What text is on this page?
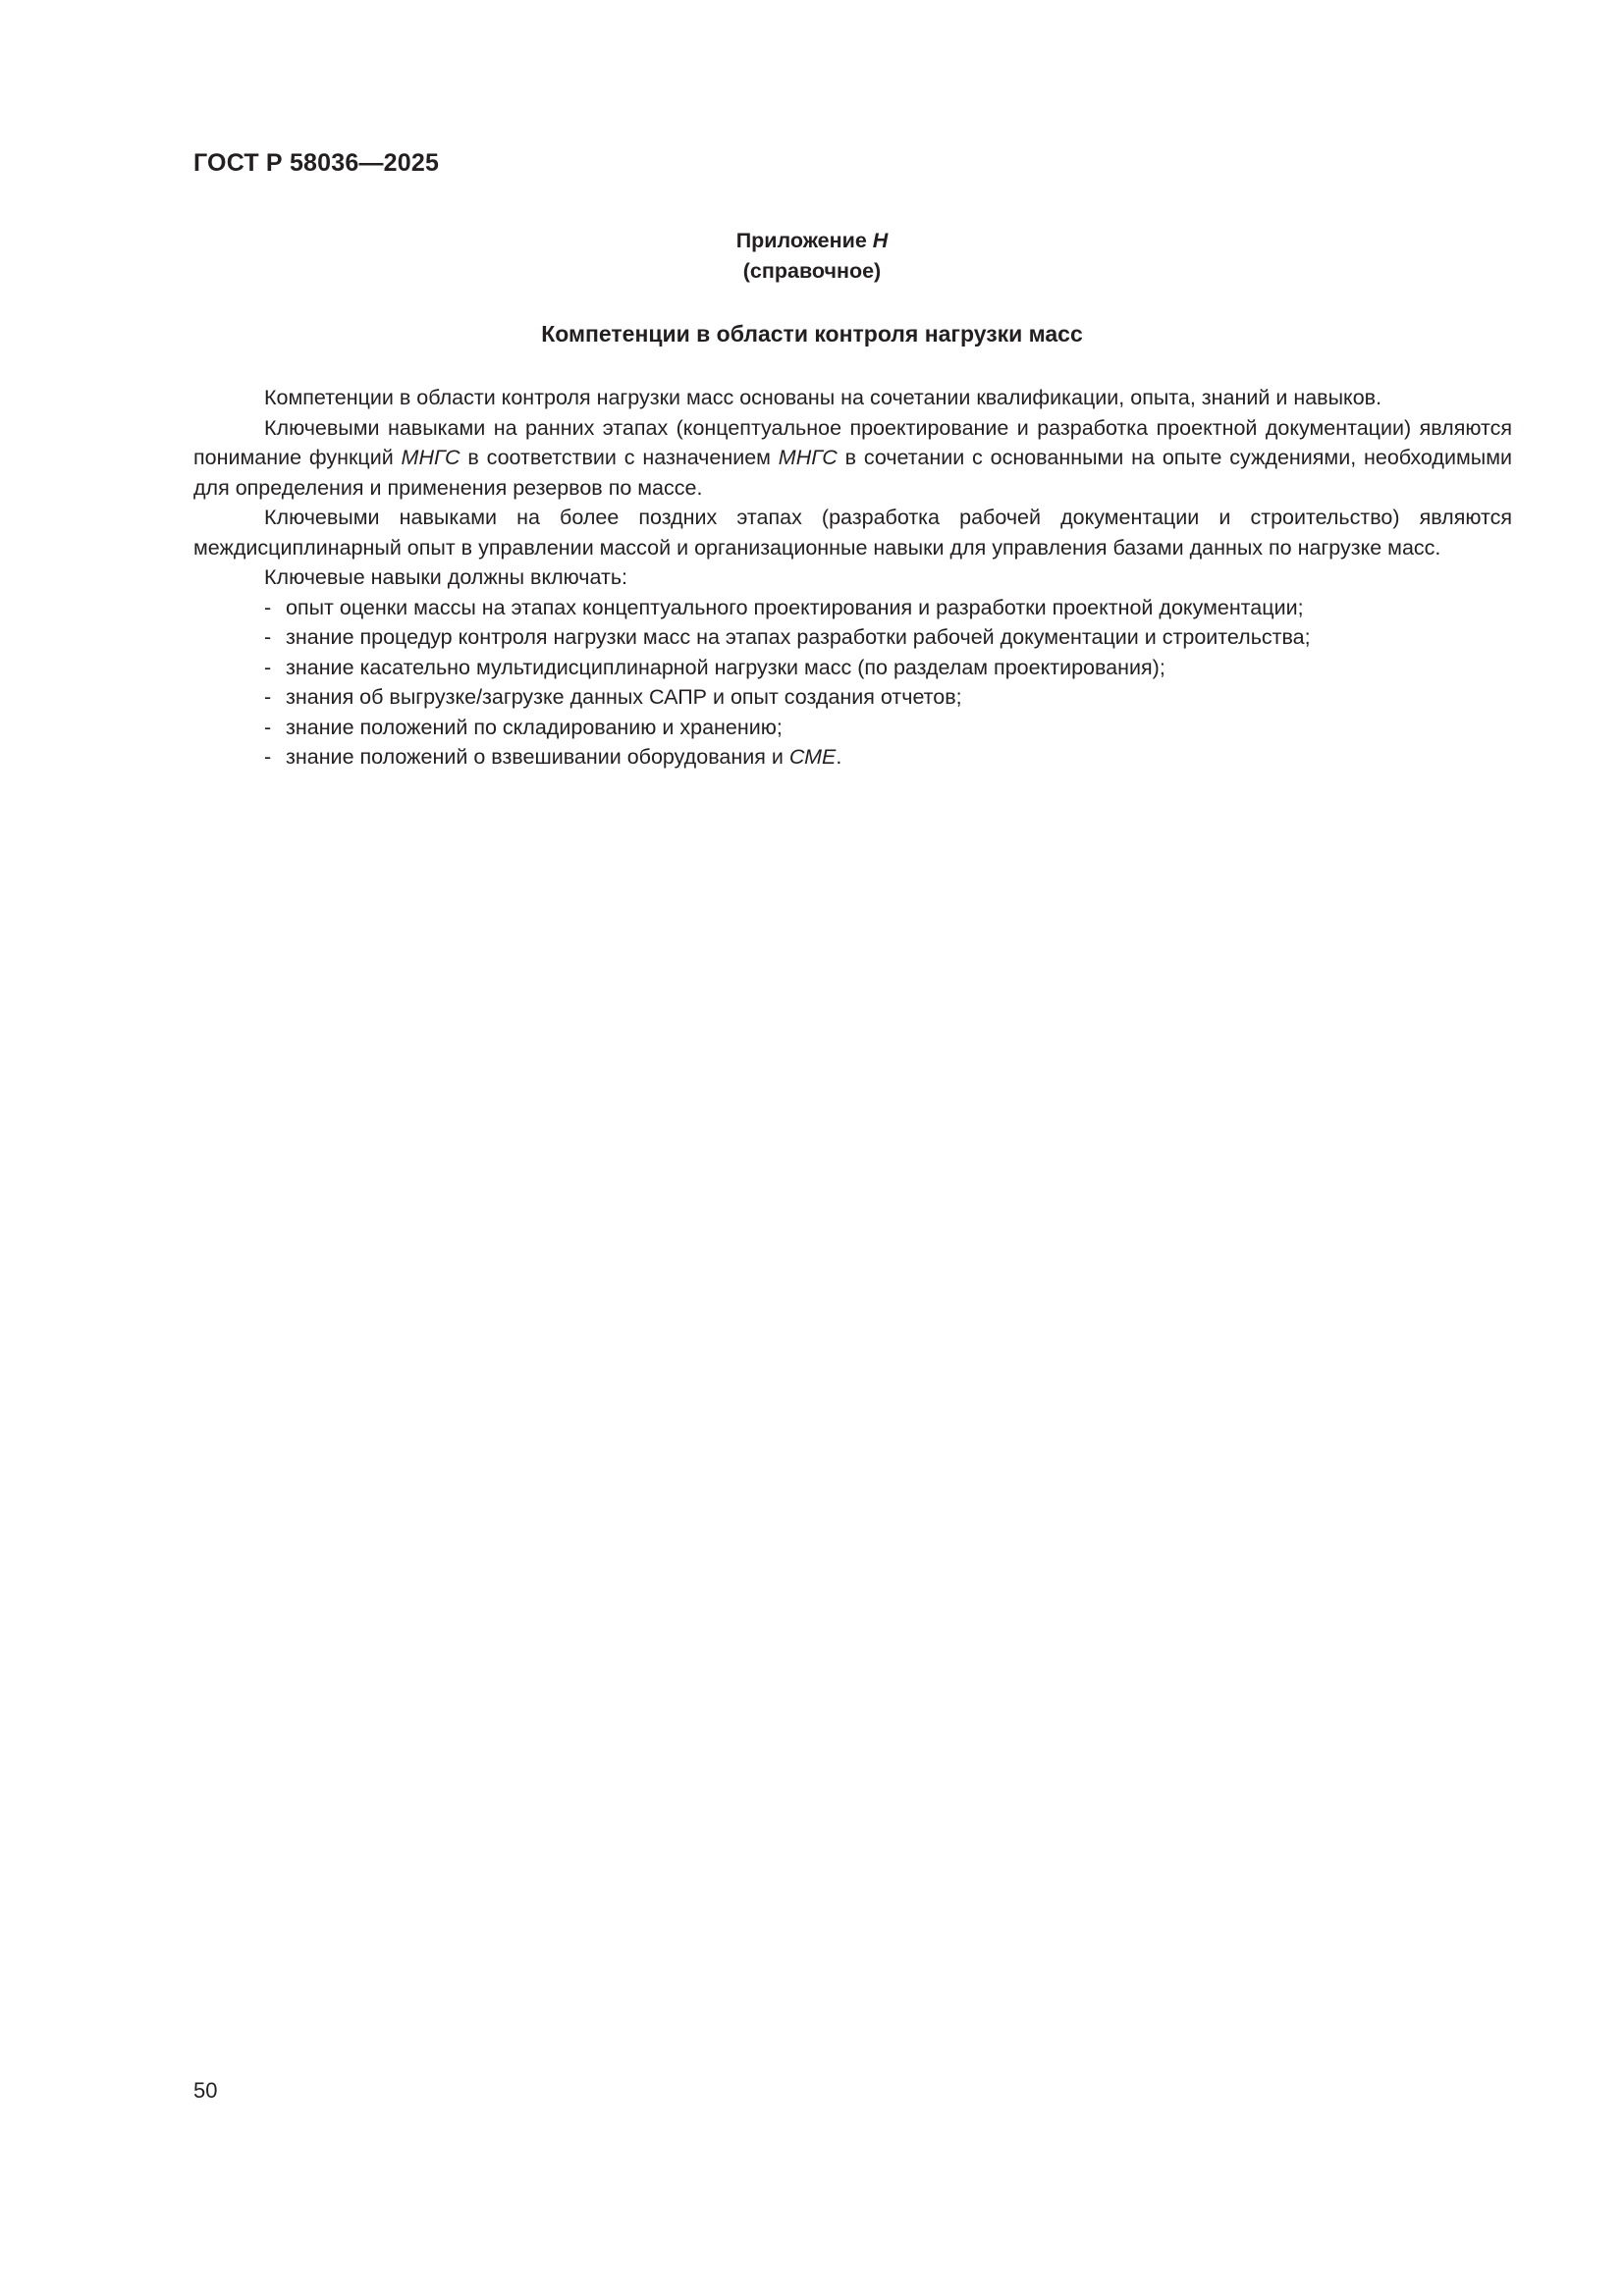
ГОСТ Р 58036—2025
Приложение Н
(справочное)
Компетенции в области контроля нагрузки масс

Компетенции в области контроля нагрузки масс основаны на сочетании квалификации, опыта, знаний и навыков.

Ключевыми навыками на ранних этапах (концептуальное проектирование и разработка проектной документации) являются понимание функций МНГС в соответствии с назначением МНГС в сочетании с основанными на опыте суждениями, необходимыми для определения и применения резервов по массе.

Ключевыми навыками на более поздних этапах (разработка рабочей документации и строительство) являются междисциплинарный опыт в управлении массой и организационные навыки для управления базами данных по нагрузке масс.

Ключевые навыки должны включать:

- опыт оценки массы на этапах концептуального проектирования и разработки проектной документации;
- знание процедур контроля нагрузки масс на этапах разработки рабочей документации и строительства;
- знание касательно мультидисциплинарной нагрузки масс (по разделам проектирования);
- знания об выгрузке/загрузке данных САПР и опыт создания отчетов;
- знание положений по складированию и хранению;
- знание положений о взвешивании оборудования и СМЕ.
50
